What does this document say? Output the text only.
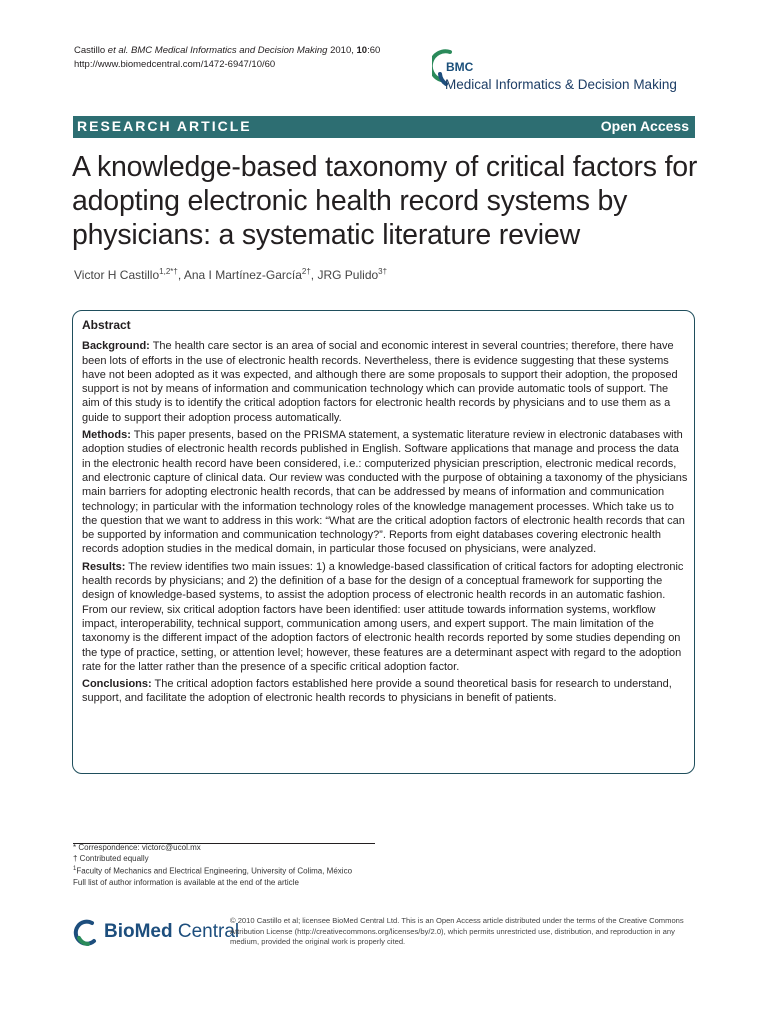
Castillo et al. BMC Medical Informatics and Decision Making 2010, 10:60
http://www.biomedcentral.com/1472-6947/10/60	BMC
Medical Informatics & Decision Making
RESEARCH ARTICLE	Open Access
A knowledge-based taxonomy of critical factors for adopting electronic health record systems by physicians: a systematic literature review
Victor H Castillo$^{1,2*\dagger}$, Ana I Martínez-García$^{2\dagger}$, JRG Pulido$^{3\dagger}$
Abstract

Background: The health care sector is an area of social and economic interest in several countries; therefore, there have been lots of efforts in the use of electronic health records. Nevertheless, there is evidence suggesting that these systems have not been adopted as it was expected, and although there are some proposals to support their adoption, the proposed support is not by means of information and communication technology which can provide automatic tools of support. The aim of this study is to identify the critical adoption factors for electronic health records by physicians and to use them as a guide to support their adoption process automatically.

Methods: This paper presents, based on the PRISMA statement, a systematic literature review in electronic databases with adoption studies of electronic health records published in English. Software applications that manage and process the data in the electronic health record have been considered, i.e.: computerized physician prescription, electronic medical records, and electronic capture of clinical data. Our review was conducted with the purpose of obtaining a taxonomy of the physicians main barriers for adopting electronic health records, that can be addressed by means of information and communication technology; in particular with the information technology roles of the knowledge management processes. Which take us to the question that we want to address in this work: “What are the critical adoption factors of electronic health records that can be supported by information and communication technology?”. Reports from eight databases covering electronic health records adoption studies in the medical domain, in particular those focused on physicians, were analyzed.

Results: The review identifies two main issues: 1) a knowledge-based classification of critical factors for adopting electronic health records by physicians; and 2) the definition of a base for the design of a conceptual framework for supporting the design of knowledge-based systems, to assist the adoption process of electronic health records in an automatic fashion. From our review, six critical adoption factors have been identified: user attitude towards information systems, workflow impact, interoperability, technical support, communication among users, and expert support. The main limitation of the taxonomy is the different impact of the adoption factors of electronic health records reported by some studies depending on the type of practice, setting, or attention level; however, these features are a determinant aspect with regard to the adoption rate for the latter rather than the presence of a specific critical adoption factor.

Conclusions: The critical adoption factors established here provide a sound theoretical basis for research to understand, support, and facilitate the adoption of electronic health records to physicians in benefit of patients.

* Correspondence: victorc@ucol.mx
† Contributed equally
$^1$Faculty of Mechanics and Electrical Engineering, University of Colima, México
Full list of author information is available at the end of the article
BioMed Central
© 2010 Castillo et al; licensee BioMed Central Ltd. This is an Open Access article distributed under the terms of the Creative Commons Attribution License (http://creativecommons.org/licenses/by/2.0), which permits unrestricted use, distribution, and reproduction in any medium, provided the original work is properly cited.
